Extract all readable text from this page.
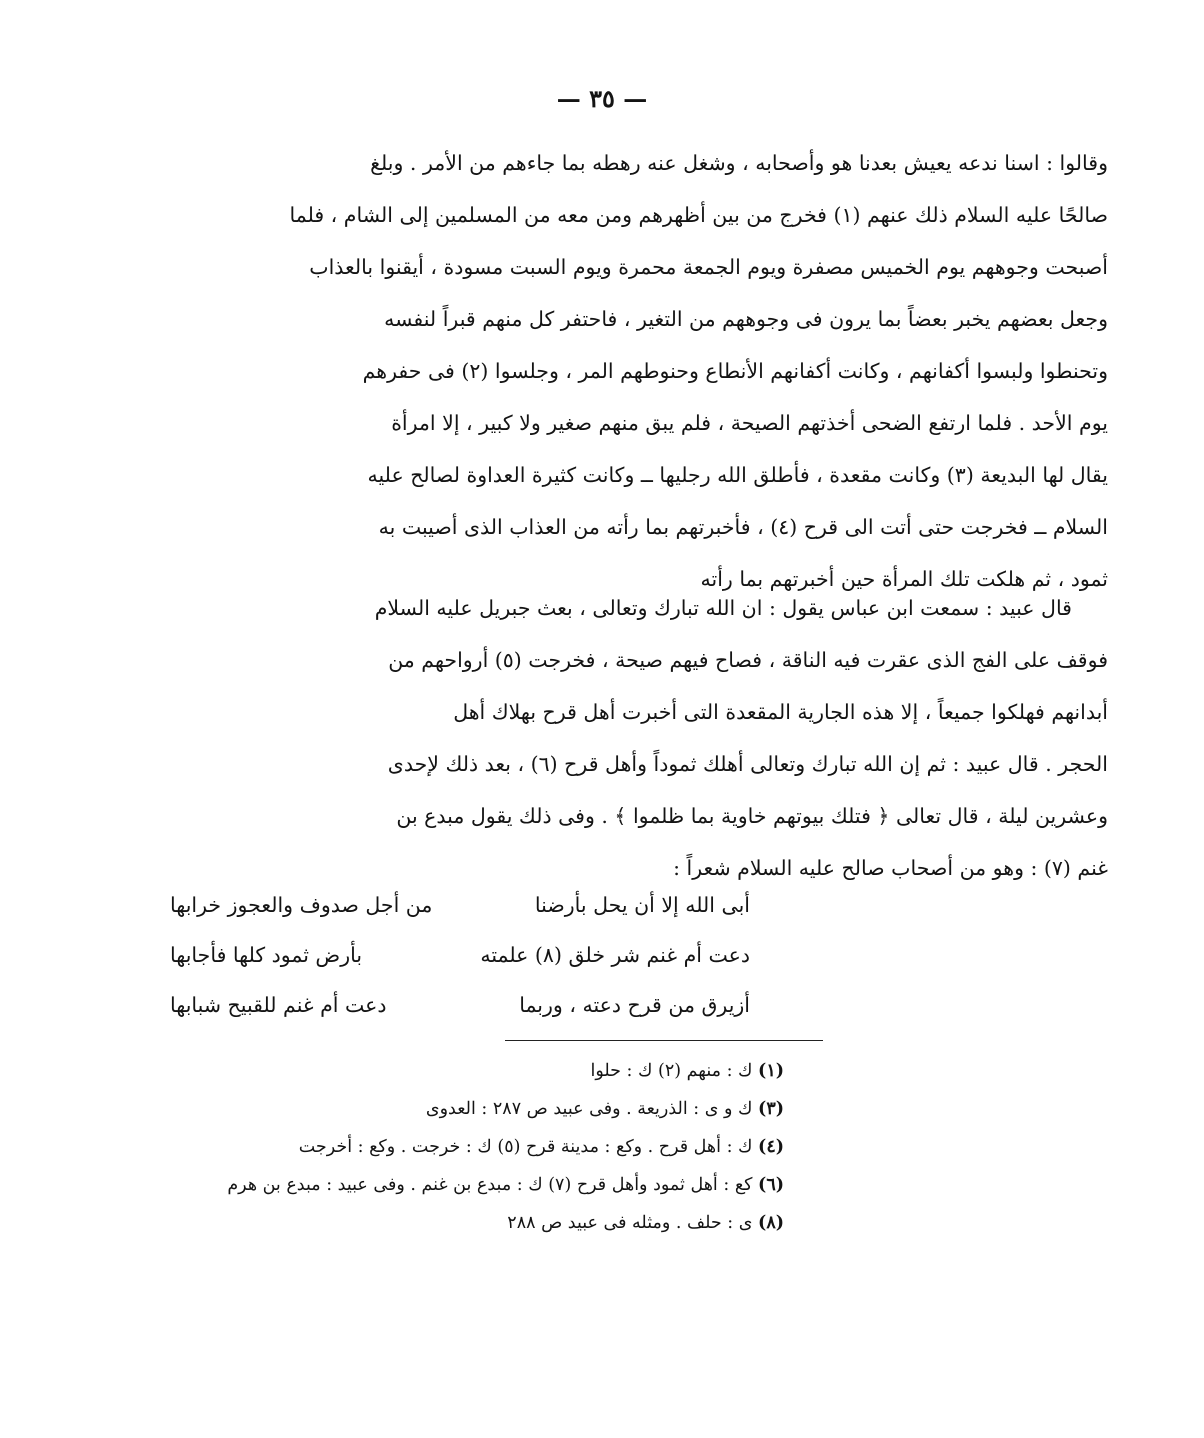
— ٣٥ —
وقالوا : اسنا ندعه يعيش بعدنا هو وأصحابه ، وشغل عنه رهطه بما جاءهم من الأمر . وبلغ
صالحًا عليه السلام ذلك عنهم (١) فخرج من بين أظهرهم ومن معه من المسلمين إلى الشام ، فلما
أصبحت وجوههم يوم الخميس مصفرة ويوم الجمعة محمرة ويوم السبت مسودة ، أيقنوا بالعذاب
وجعل بعضهم يخبر بعضاً بما يرون فى وجوههم من التغير ، فاحتفر كل منهم قبراً لنفسه
وتحنطوا ولبسوا أكفانهم ، وكانت أكفانهم الأنطاع وحنوطهم المر ، وجلسوا (٢) فى حفرهم
يوم الأحد . فلما ارتفع الضحى أخذتهم الصيحة ، فلم يبق منهم صغير ولا كبير ، إلا امرأة
يقال لها البديعة (٣) وكانت مقعدة ، فأطلق الله رجليها ــ وكانت كثيرة العداوة لصالح عليه
السلام ــ فخرجت حتى أتت الى قرح (٤) ، فأخبرتهم بما رأته من العذاب الذى أصيبت به
ثمود ، ثم هلكت تلك المرأة حين أخبرتهم بما رأته
قال عبيد : سمعت ابن عباس يقول : ان الله تبارك وتعالى ، بعث جبريل عليه السلام
فوقف على الفج الذى عقرت فيه الناقة ، فصاح فيهم صيحة ، فخرجت (٥) أرواحهم من
أبدانهم فهلكوا جميعاً ، إلا هذه الجارية المقعدة التى أخبرت أهل قرح بهلاك أهل
الحجر . قال عبيد : ثم إن الله تبارك وتعالى أهلك ثموداً وأهل قرح (٦) ، بعد ذلك لإحدى
وعشرين ليلة ، قال تعالى ﴿ فتلك بيوتهم خاوية بما ظلموا ﴾ . وفى ذلك يقول مبدع بن
غنم (٧) : وهو من أصحاب صالح عليه السلام شعراً :
أبى الله إلا أن يحل بأرضنا
من أجل صدوف والعجوز خرابها
دعت أم غنم شر خلق (٨) علمته
بأرض ثمود كلها فأجابها
أزيرق من قرح دعته ، وربما
دعت أم غنم للقبيح شبابها
(١) ك : منهم (٢) ك : حلوا
(٣) ك و ى : الذريعة . وفى عبيد ص ٢٨٧ : العدوى
(٤) ك : أهل قرح . وكع : مدينة قرح (٥) ك : خرجت . وكع : أخرجت
(٦) كع : أهل ثمود وأهل قرح (٧) ك : مبدع بن غنم . وفى عبيد : مبدع بن هرم
(٨) ى : حلف . ومثله فى عبيد ص ٢٨٨
